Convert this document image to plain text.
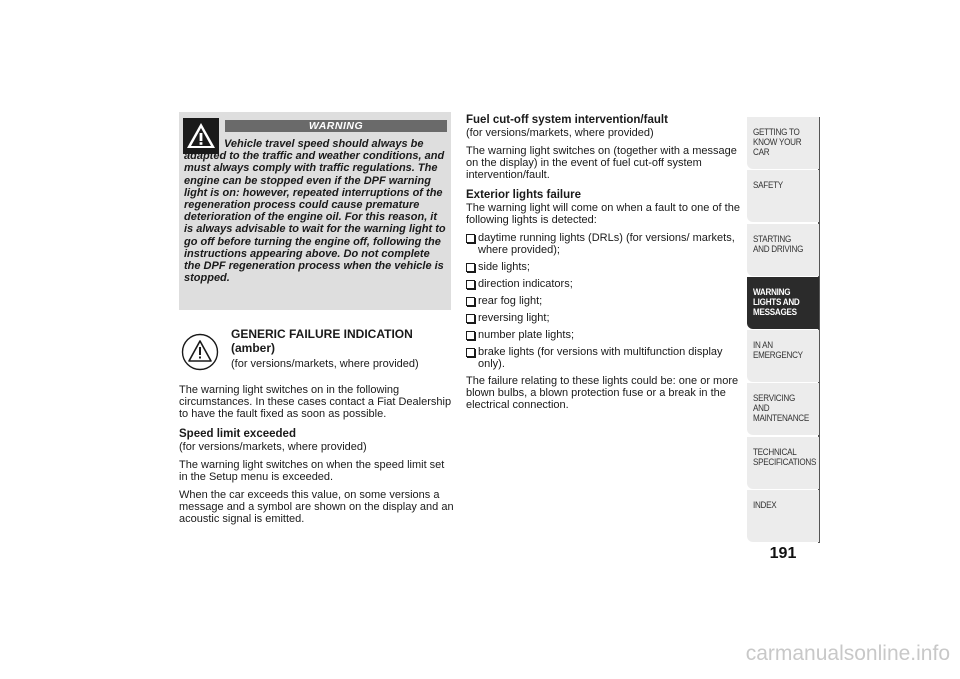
WARNING
Vehicle travel speed should always be adapted to the traffic and weather conditions, and must always comply with traffic regulations. The engine can be stopped even if the DPF warning light is on: however, repeated interruptions of the regeneration process could cause premature deterioration of the engine oil. For this reason, it is always advisable to wait for the warning light to go off before turning the engine off, following the instructions appearing above. Do not complete the DPF regeneration process when the vehicle is stopped.
GENERIC FAILURE INDICATION (amber)

(for versions/markets, where provided)

The warning light switches on in the following circumstances. In these cases contact a Fiat Dealership to have the fault fixed as soon as possible.

Speed limit exceeded

(for versions/markets, where provided)

The warning light switches on when the speed limit set in the Setup menu is exceeded.

When the car exceeds this value, on some versions a message and a symbol are shown on the display and an acoustic signal is emitted.

Fuel cut-off system intervention/fault

(for versions/markets, where provided)

The warning light switches on (together with a message on the display) in the event of fuel cut-off system intervention/fault.

Exterior lights failure

The warning light will come on when a fault to one of the following lights is detected:

daytime running lights (DRLs) (for versions/ markets, where provided);
side lights;
direction indicators;
rear fog light;
reversing light;
number plate lights;
brake lights (for versions with multifunction display only).

The failure relating to these lights could be: one or more blown bulbs, a blown protection fuse or a break in the electrical connection.

GETTING TO KNOW YOUR CAR
SAFETY
STARTING AND DRIVING
WARNING LIGHTS AND MESSAGES
IN AN EMERGENCY
SERVICING AND MAINTENANCE
TECHNICAL SPECIFICATIONS
INDEX
191
carmanualsonline.info
